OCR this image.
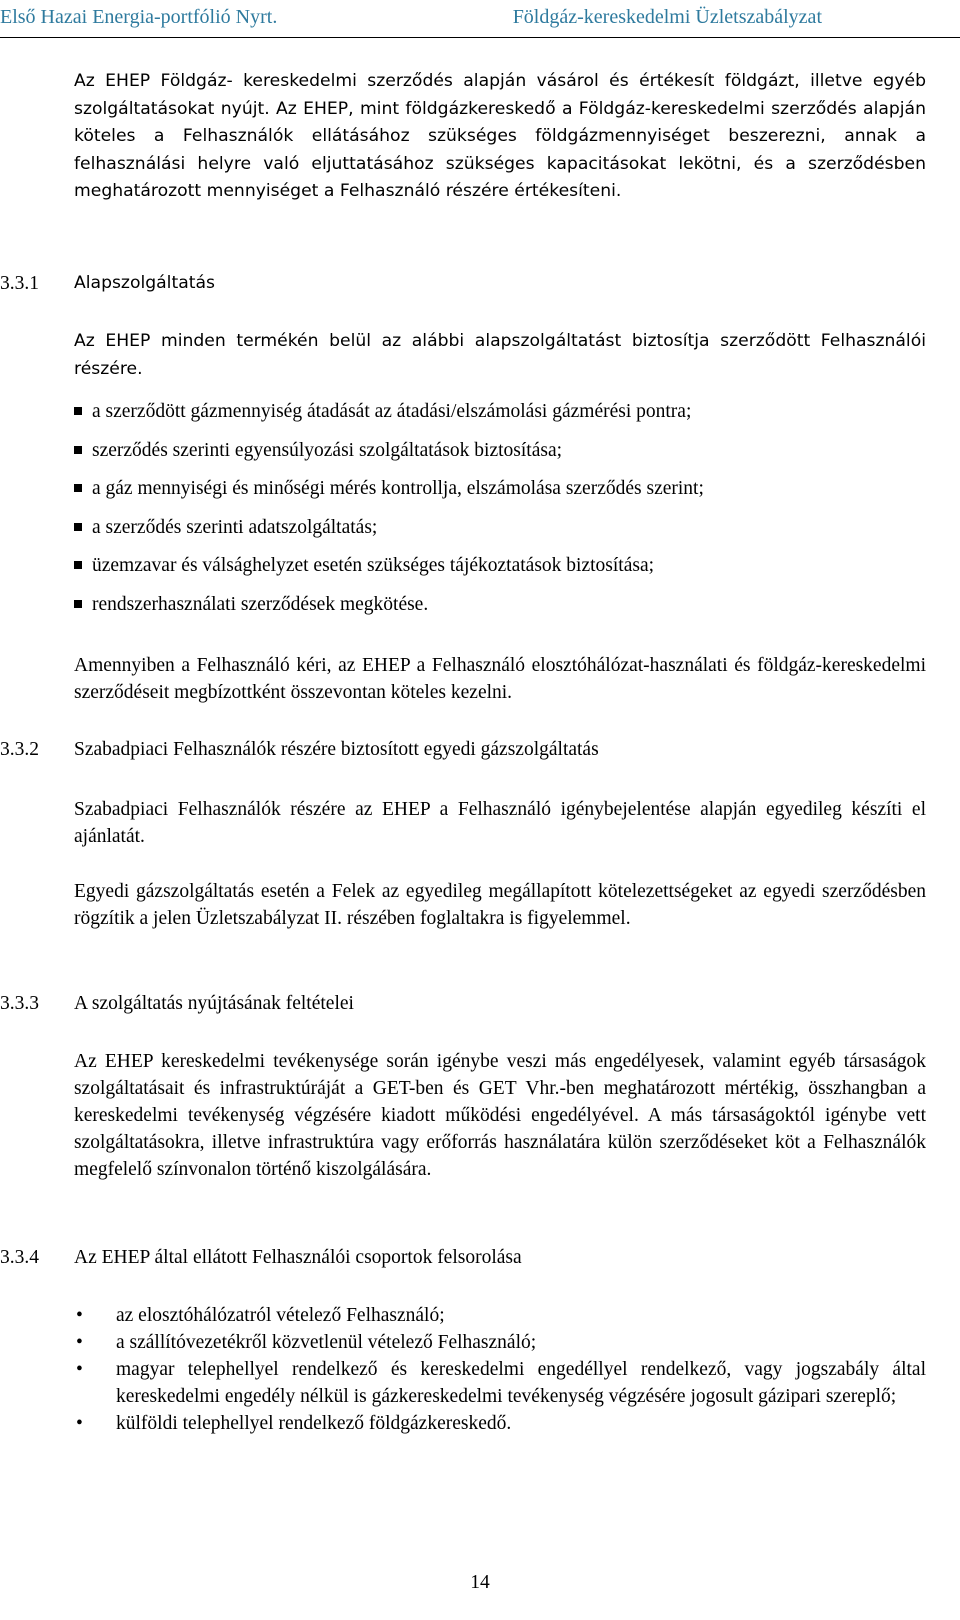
Első Hazai Energia-portfólió Nyrt.	Földgáz-kereskedelmi Üzletszabályzat

Az EHEP Földgáz- kereskedelmi szerződés alapján vásárol és értékesít földgázt, illetve egyéb szolgáltatásokat nyújt. Az EHEP, mint földgázkereskedő a Földgáz-kereskedelmi szerződés alapján köteles a Felhasználók ellátásához szükséges földgázmennyiséget beszerezni, annak a felhasználási helyre való eljuttatásához szükséges kapacitásokat lekötni, és a szerződésben meghatározott mennyiséget a Felhasználó részére értékesíteni.

3.3.1 Alapszolgáltatás

Az EHEP minden termékén belül az alábbi alapszolgáltatást biztosítja szerződött Felhasználói részére.

a szerződött gázmennyiség átadását az átadási/elszámolási gázmérési pontra;
szerződés szerinti egyensúlyozási szolgáltatások biztosítása;
a gáz mennyiségi és minőségi mérés kontrollja, elszámolása szerződés szerint;
a szerződés szerinti adatszolgáltatás;
üzemzavar és válsághelyzet esetén szükséges tájékoztatások biztosítása;
rendszerhasználati szerződések megkötése.

Amennyiben a Felhasználó kéri, az EHEP a Felhasználó elosztóhálózat-használati és földgáz-kereskedelmi szerződéseit megbízottként összevontan köteles kezelni.

3.3.2 Szabadpiaci Felhasználók részére biztosított egyedi gázszolgáltatás

Szabadpiaci Felhasználók részére az EHEP a Felhasználó igénybejelentése alapján egyedileg készíti el ajánlatát.

Egyedi gázszolgáltatás esetén a Felek az egyedileg megállapított kötelezettségeket az egyedi szerződésben rögzítik a jelen Üzletszabályzat II. részében foglaltakra is figyelemmel.

3.3.3 A szolgáltatás nyújtásának feltételei

Az EHEP kereskedelmi tevékenysége során igénybe veszi más engedélyesek, valamint egyéb társaságok szolgáltatásait és infrastruktúráját a GET-ben és GET Vhr.-ben meghatározott mértékig, összhangban a kereskedelmi tevékenység végzésére kiadott működési engedélyével. A más társaságoktól igénybe vett szolgáltatásokra, illetve infrastruktúra vagy erőforrás használatára külön szerződéseket köt a Felhasználók megfelelő színvonalon történő kiszolgálására.

3.3.4 Az EHEP által ellátott Felhasználói csoportok felsorolása
• az elosztóhálózatról vételező Felhasználó;
• a szállítóvezetékről közvetlenül vételező Felhasználó;
• magyar telephellyel rendelkező és kereskedelmi engedéllyel rendelkező, vagy jogszabály által kereskedelmi engedély nélkül is gázkereskedelmi tevékenység végzésére jogosult gázipari szereplő;
• külföldi telephellyel rendelkező földgázkereskedő.
14
